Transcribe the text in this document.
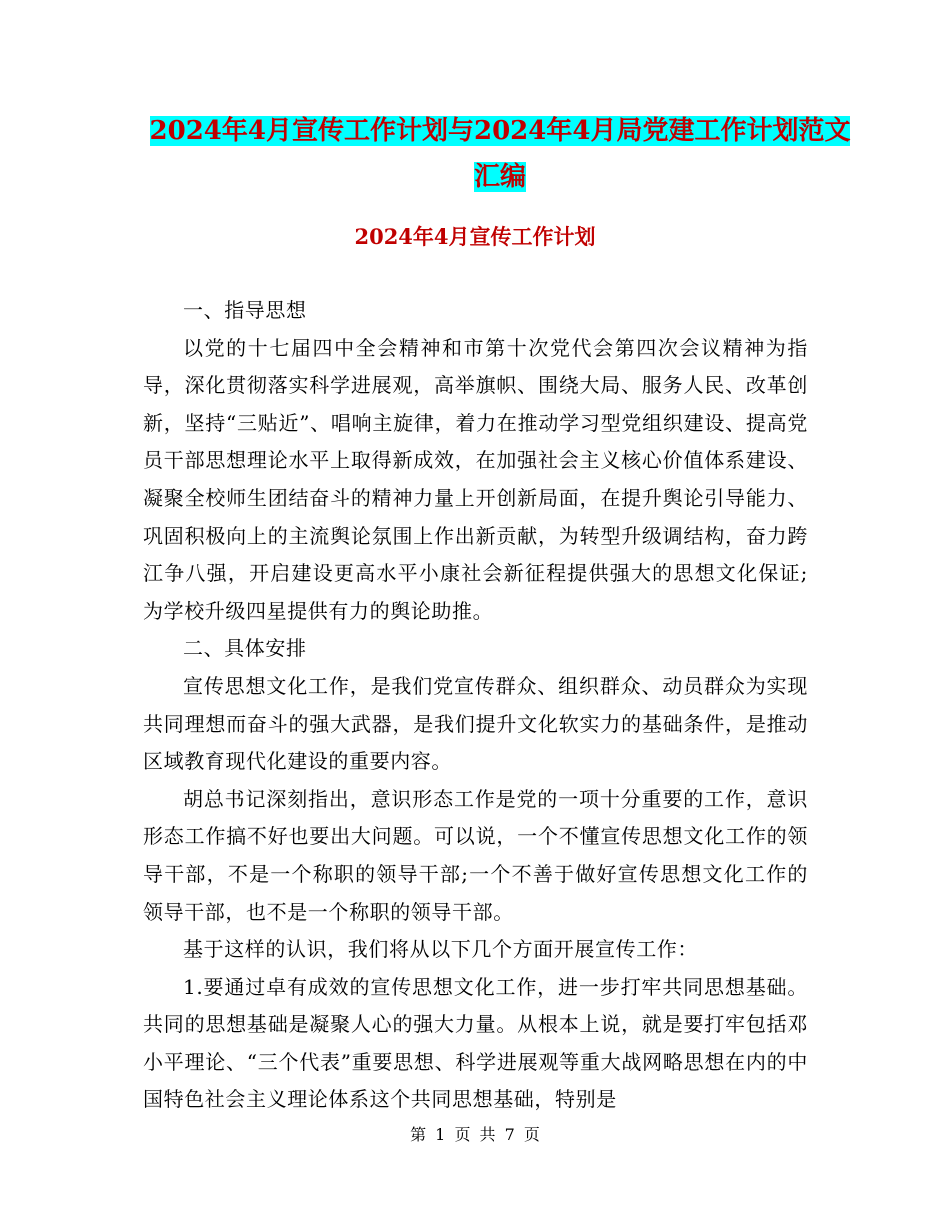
2024年4月宣传工作计划与2024年4月局党建工作计划范文汇编
2024年4月宣传工作计划

一、指导思想

以党的十七届四中全会精神和市第十次党代会第四次会议精神为指导，深化贯彻落实科学进展观，高举旗帜、围绕大局、服务人民、改革创新，坚持“三贴近”、唱响主旋律，着力在推动学习型党组织建设、提高党员干部思想理论水平上取得新成效，在加强社会主义核心价值体系建设、凝聚全校师生团结奋斗的精神力量上开创新局面，在提升舆论引导能力、巩固积极向上的主流舆论氛围上作出新贡献，为转型升级调结构，奋力跨江争八强，开启建设更高水平小康社会新征程提供强大的思想文化保证;为学校升级四星提供有力的舆论助推。

二、具体安排

宣传思想文化工作，是我们党宣传群众、组织群众、动员群众为实现共同理想而奋斗的强大武器，是我们提升文化软实力的基础条件，是推动区域教育现代化建设的重要内容。

胡总书记深刻指出，意识形态工作是党的一项十分重要的工作，意识形态工作搞不好也要出大问题。可以说，一个不懂宣传思想文化工作的领导干部，不是一个称职的领导干部;一个不善于做好宣传思想文化工作的领导干部，也不是一个称职的领导干部。

基于这样的认识，我们将从以下几个方面开展宣传工作：

1.要通过卓有成效的宣传思想文化工作，进一步打牢共同思想基础。共同的思想基础是凝聚人心的强大力量。从根本上说，就是要打牢包括邓小平理论、“三个代表”重要思想、科学进展观等重大战网略思想在内的中国特色社会主义理论体系这个共同思想基础，特别是

第 1 页 共 7 页
